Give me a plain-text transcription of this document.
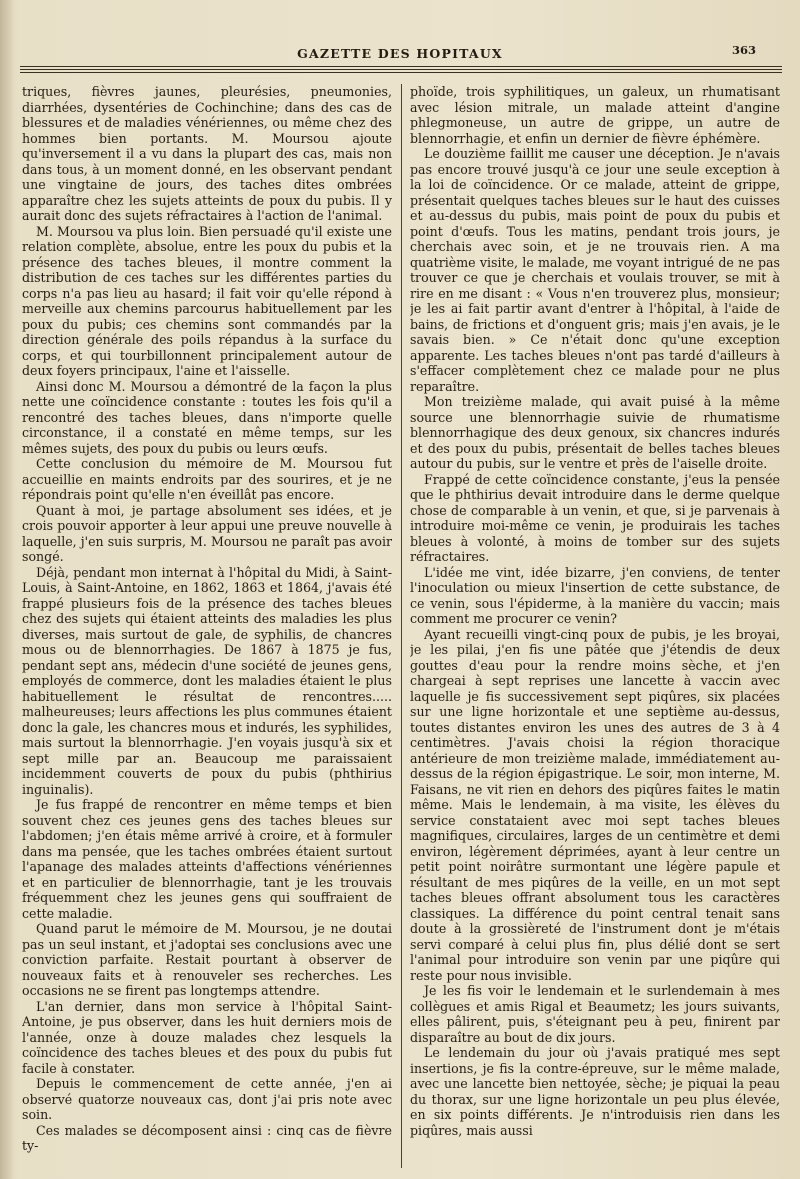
GAZETTE DES HOPITAUX	363

triques, fièvres jaunes, pleurésies, pneumonies, diarrhées, dysentéries de Cochinchine; dans des cas de blessures et de maladies vénériennes, ou même chez des hommes bien portants. M. Moursou ajoute qu'inversement il a vu dans la plupart des cas, mais non dans tous, à un moment donné, en les observant pendant une vingtaine de jours, des taches dites ombrées apparaître chez les sujets atteints de poux du pubis. Il y aurait donc des sujets réfractaires à l'action de l'animal.

M. Moursou va plus loin. Bien persuadé qu'il existe une relation complète, absolue, entre les poux du pubis et la présence des taches bleues, il montre comment la distribution de ces taches sur les différentes parties du corps n'a pas lieu au hasard; il fait voir qu'elle répond à merveille aux chemins parcourus habituellement par les poux du pubis; ces chemins sont commandés par la direction générale des poils répandus à la surface du corps, et qui tourbillonnent principalement autour de deux foyers principaux, l'aine et l'aisselle.

Ainsi donc M. Moursou a démontré de la façon la plus nette une coïncidence constante : toutes les fois qu'il a rencontré des taches bleues, dans n'importe quelle circonstance, il a constaté en même temps, sur les mêmes sujets, des poux du pubis ou leurs œufs.

Cette conclusion du mémoire de M. Moursou fut accueillie en maints endroits par des sourires, et je ne répondrais point qu'elle n'en éveillât pas encore.

Quant à moi, je partage absolument ses idées, et je crois pouvoir apporter à leur appui une preuve nouvelle à laquelle, j'en suis surpris, M. Moursou ne paraît pas avoir songé.

Déjà, pendant mon internat à l'hôpital du Midi, à Saint-Louis, à Saint-Antoine, en 1862, 1863 et 1864, j'avais été frappé plusieurs fois de la présence des taches bleues chez des sujets qui étaient atteints des maladies les plus diverses, mais surtout de gale, de syphilis, de chancres mous ou de blennorrhagies. De 1867 à 1875 je fus, pendant sept ans, médecin d'une société de jeunes gens, employés de commerce, dont les maladies étaient le plus habituellement le résultat de rencontres..... malheureuses; leurs affections les plus communes étaient donc la gale, les chancres mous et indurés, les syphilides, mais surtout la blennorrhagie. J'en voyais jusqu'à six et sept mille par an. Beaucoup me paraissaient incidemment couverts de poux du pubis (phthirius inguinalis).

Je fus frappé de rencontrer en même temps et bien souvent chez ces jeunes gens des taches bleues sur l'abdomen; j'en étais même arrivé à croire, et à formuler dans ma pensée, que les taches ombrées étaient surtout l'apanage des malades atteints d'affections vénériennes et en particulier de blennorrhagie, tant je les trouvais fréquemment chez les jeunes gens qui souffraient de cette maladie.

Quand parut le mémoire de M. Moursou, je ne doutai pas un seul instant, et j'adoptai ses conclusions avec une conviction parfaite. Restait pourtant à observer de nouveaux faits et à renouveler ses recherches. Les occasions ne se firent pas longtemps attendre.

L'an dernier, dans mon service à l'hôpital Saint-Antoine, je pus observer, dans les huit derniers mois de l'année, onze à douze malades chez lesquels la coïncidence des taches bleues et des poux du pubis fut facile à constater.

Depuis le commencement de cette année, j'en ai observé quatorze nouveaux cas, dont j'ai pris note avec soin.

Ces malades se décomposent ainsi : cinq cas de fièvre ty-

phoïde, trois syphilitiques, un galeux, un rhumatisant avec lésion mitrale, un malade atteint d'angine phlegmoneuse, un autre de grippe, un autre de blennorrhagie, et enfin un dernier de fièvre éphémère.

Le douzième faillit me causer une déception. Je n'avais pas encore trouvé jusqu'à ce jour une seule exception à la loi de coïncidence. Or ce malade, atteint de grippe, présentait quelques taches bleues sur le haut des cuisses et au-dessus du pubis, mais point de poux du pubis et point d'œufs. Tous les matins, pendant trois jours, je cherchais avec soin, et je ne trouvais rien. A ma quatrième visite, le malade, me voyant intrigué de ne pas trouver ce que je cherchais et voulais trouver, se mit à rire en me disant : « Vous n'en trouverez plus, monsieur; je les ai fait partir avant d'entrer à l'hôpital, à l'aide de bains, de frictions et d'onguent gris; mais j'en avais, je le savais bien. » Ce n'était donc qu'une exception apparente. Les taches bleues n'ont pas tardé d'ailleurs à s'effacer complètement chez ce malade pour ne plus reparaître.

Mon treizième malade, qui avait puisé à la même source une blennorrhagie suivie de rhumatisme blennorrhagique des deux genoux, six chancres indurés et des poux du pubis, présentait de belles taches bleues autour du pubis, sur le ventre et près de l'aiselle droite.

Frappé de cette coïncidence constante, j'eus la pensée que le phthirius devait introduire dans le derme quelque chose de comparable à un venin, et que, si je parvenais à introduire moi-même ce venin, je produirais les taches bleues à volonté, à moins de tomber sur des sujets réfractaires.

L'idée me vint, idée bizarre, j'en conviens, de tenter l'inoculation ou mieux l'insertion de cette substance, de ce venin, sous l'épiderme, à la manière du vaccin; mais comment me procurer ce venin?

Ayant recueilli vingt-cinq poux de pubis, je les broyai, je les pilai, j'en fis une pâtée que j'étendis de deux gouttes d'eau pour la rendre moins sèche, et j'en chargeai à sept reprises une lancette à vaccin avec laquelle je fis successivement sept piqûres, six placées sur une ligne horizontale et une septième au-dessus, toutes distantes environ les unes des autres de 3 à 4 centimètres. J'avais choisi la région thoracique antérieure de mon treizième malade, immédiatement au-dessus de la région épigastrique. Le soir, mon interne, M. Faisans, ne vit rien en dehors des piqûres faites le matin même. Mais le lendemain, à ma visite, les élèves du service constataient avec moi sept taches bleues magnifiques, circulaires, larges de un centimètre et demi environ, légèrement déprimées, ayant à leur centre un petit point noirâtre surmontant une légère papule et résultant de mes piqûres de la veille, en un mot sept taches bleues offrant absolument tous les caractères classiques. La différence du point central tenait sans doute à la grossièreté de l'instrument dont je m'étais servi comparé à celui plus fin, plus délié dont se sert l'animal pour introduire son venin par une piqûre qui reste pour nous invisible.

Je les fis voir le lendemain et le surlendemain à mes collègues et amis Rigal et Beaumetz; les jours suivants, elles pâlirent, puis, s'éteignant peu à peu, finirent par disparaître au bout de dix jours.

Le lendemain du jour où j'avais pratiqué mes sept insertions, je fis la contre-épreuve, sur le même malade, avec une lancette bien nettoyée, sèche; je piquai la peau du thorax, sur une ligne horizontale un peu plus élevée, en six points différents. Je n'introduisis rien dans les piqûres, mais aussi
